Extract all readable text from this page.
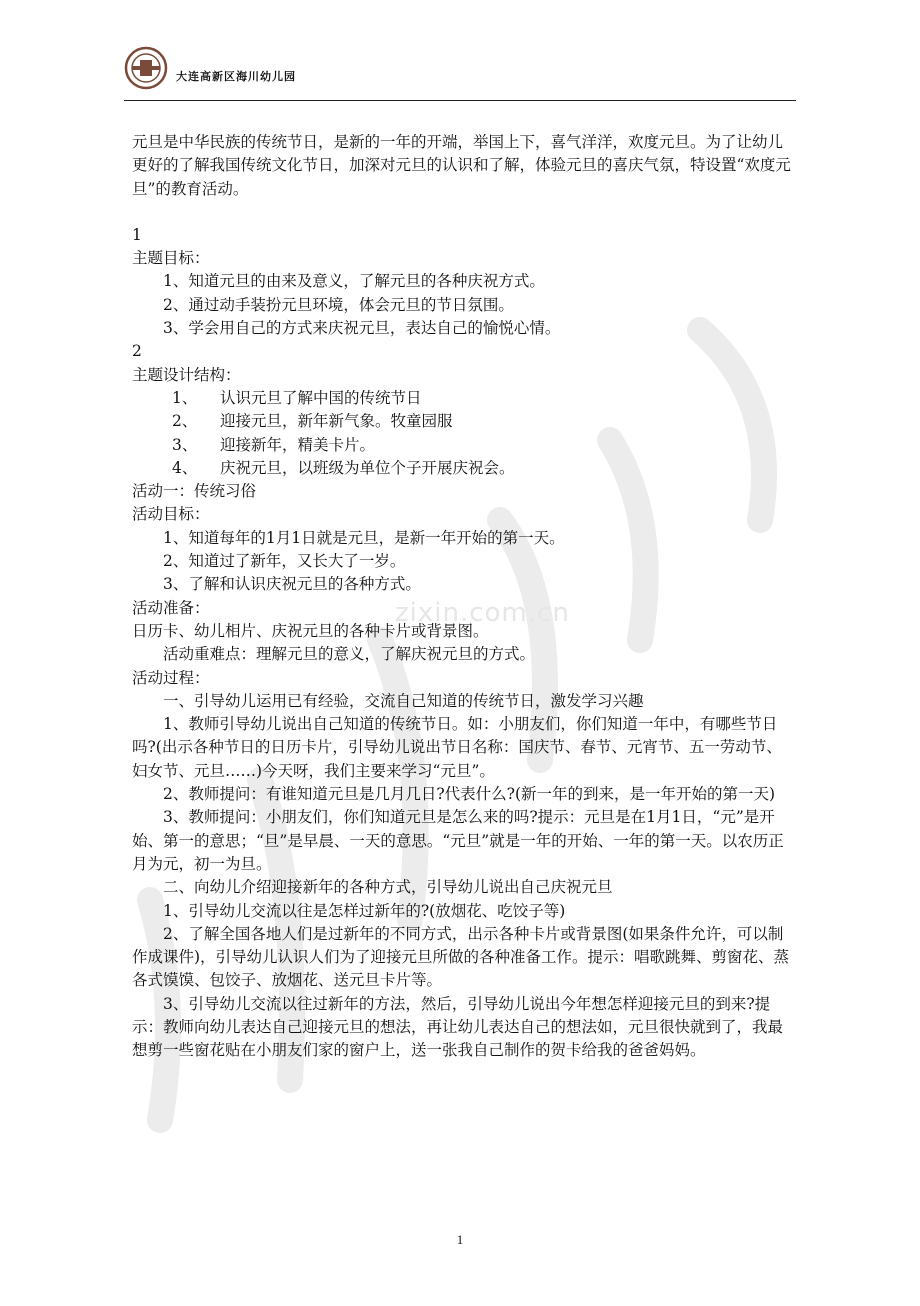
zixin.com.cn
大连高新区海川幼儿园

元旦是中华民族的传统节日，是新的一年的开端，举国上下，喜气洋洋，欢度元旦。为了让幼儿更好的了解我国传统文化节日，加深对元旦的认识和了解，体验元旦的喜庆气氛，特设置“欢度元旦”的教育活动。

1

主题目标：

1、知道元旦的由来及意义，了解元旦的各种庆祝方式。

2、通过动手装扮元旦环境，体会元旦的节日氛围。

3、学会用自己的方式来庆祝元旦，表达自己的愉悦心情。

2

主题设计结构：

1、 认识元旦了解中国的传统节日

2、 迎接元旦，新年新气象。牧童园服

3、 迎接新年，精美卡片。

4、 庆祝元旦，以班级为单位个子开展庆祝会。

活动一：传统习俗

活动目标：

1、知道每年的1月1日就是元旦，是新一年开始的第一天。

2、知道过了新年，又长大了一岁。

3、了解和认识庆祝元旦的各种方式。

活动准备：

日历卡、幼儿相片、庆祝元旦的各种卡片或背景图。

活动重难点：理解元旦的意义，了解庆祝元旦的方式。

活动过程：

一、引导幼儿运用已有经验，交流自己知道的传统节日，激发学习兴趣

1、教师引导幼儿说出自己知道的传统节日。如：小朋友们，你们知道一年中，有哪些节日吗?(出示各种节日的日历卡片，引导幼儿说出节日名称：国庆节、春节、元宵节、五一劳动节、妇女节、元旦……)今天呀，我们主要来学习“元旦”。

2、教师提问：有谁知道元旦是几月几日?代表什么?(新一年的到来，是一年开始的第一天)

3、教师提问：小朋友们，你们知道元旦是怎么来的吗?提示：元旦是在1月1日，“元”是开始、第一的意思；“旦”是早晨、一天的意思。“元旦”就是一年的开始、一年的第一天。以农历正月为元，初一为旦。

二、向幼儿介绍迎接新年的各种方式，引导幼儿说出自己庆祝元旦

1、引导幼儿交流以往是怎样过新年的?(放烟花、吃饺子等)

2、了解全国各地人们是过新年的不同方式，出示各种卡片或背景图(如果条件允许，可以制作成课件)，引导幼儿认识人们为了迎接元旦所做的各种准备工作。提示：唱歌跳舞、剪窗花、蒸各式馍馍、包饺子、放烟花、送元旦卡片等。

3、引导幼儿交流以往过新年的方法，然后，引导幼儿说出今年想怎样迎接元旦的到来?提示：教师向幼儿表达自己迎接元旦的想法，再让幼儿表达自己的想法如，元旦很快就到了，我最想剪一些窗花贴在小朋友们家的窗户上，送一张我自己制作的贺卡给我的爸爸妈妈。

1
